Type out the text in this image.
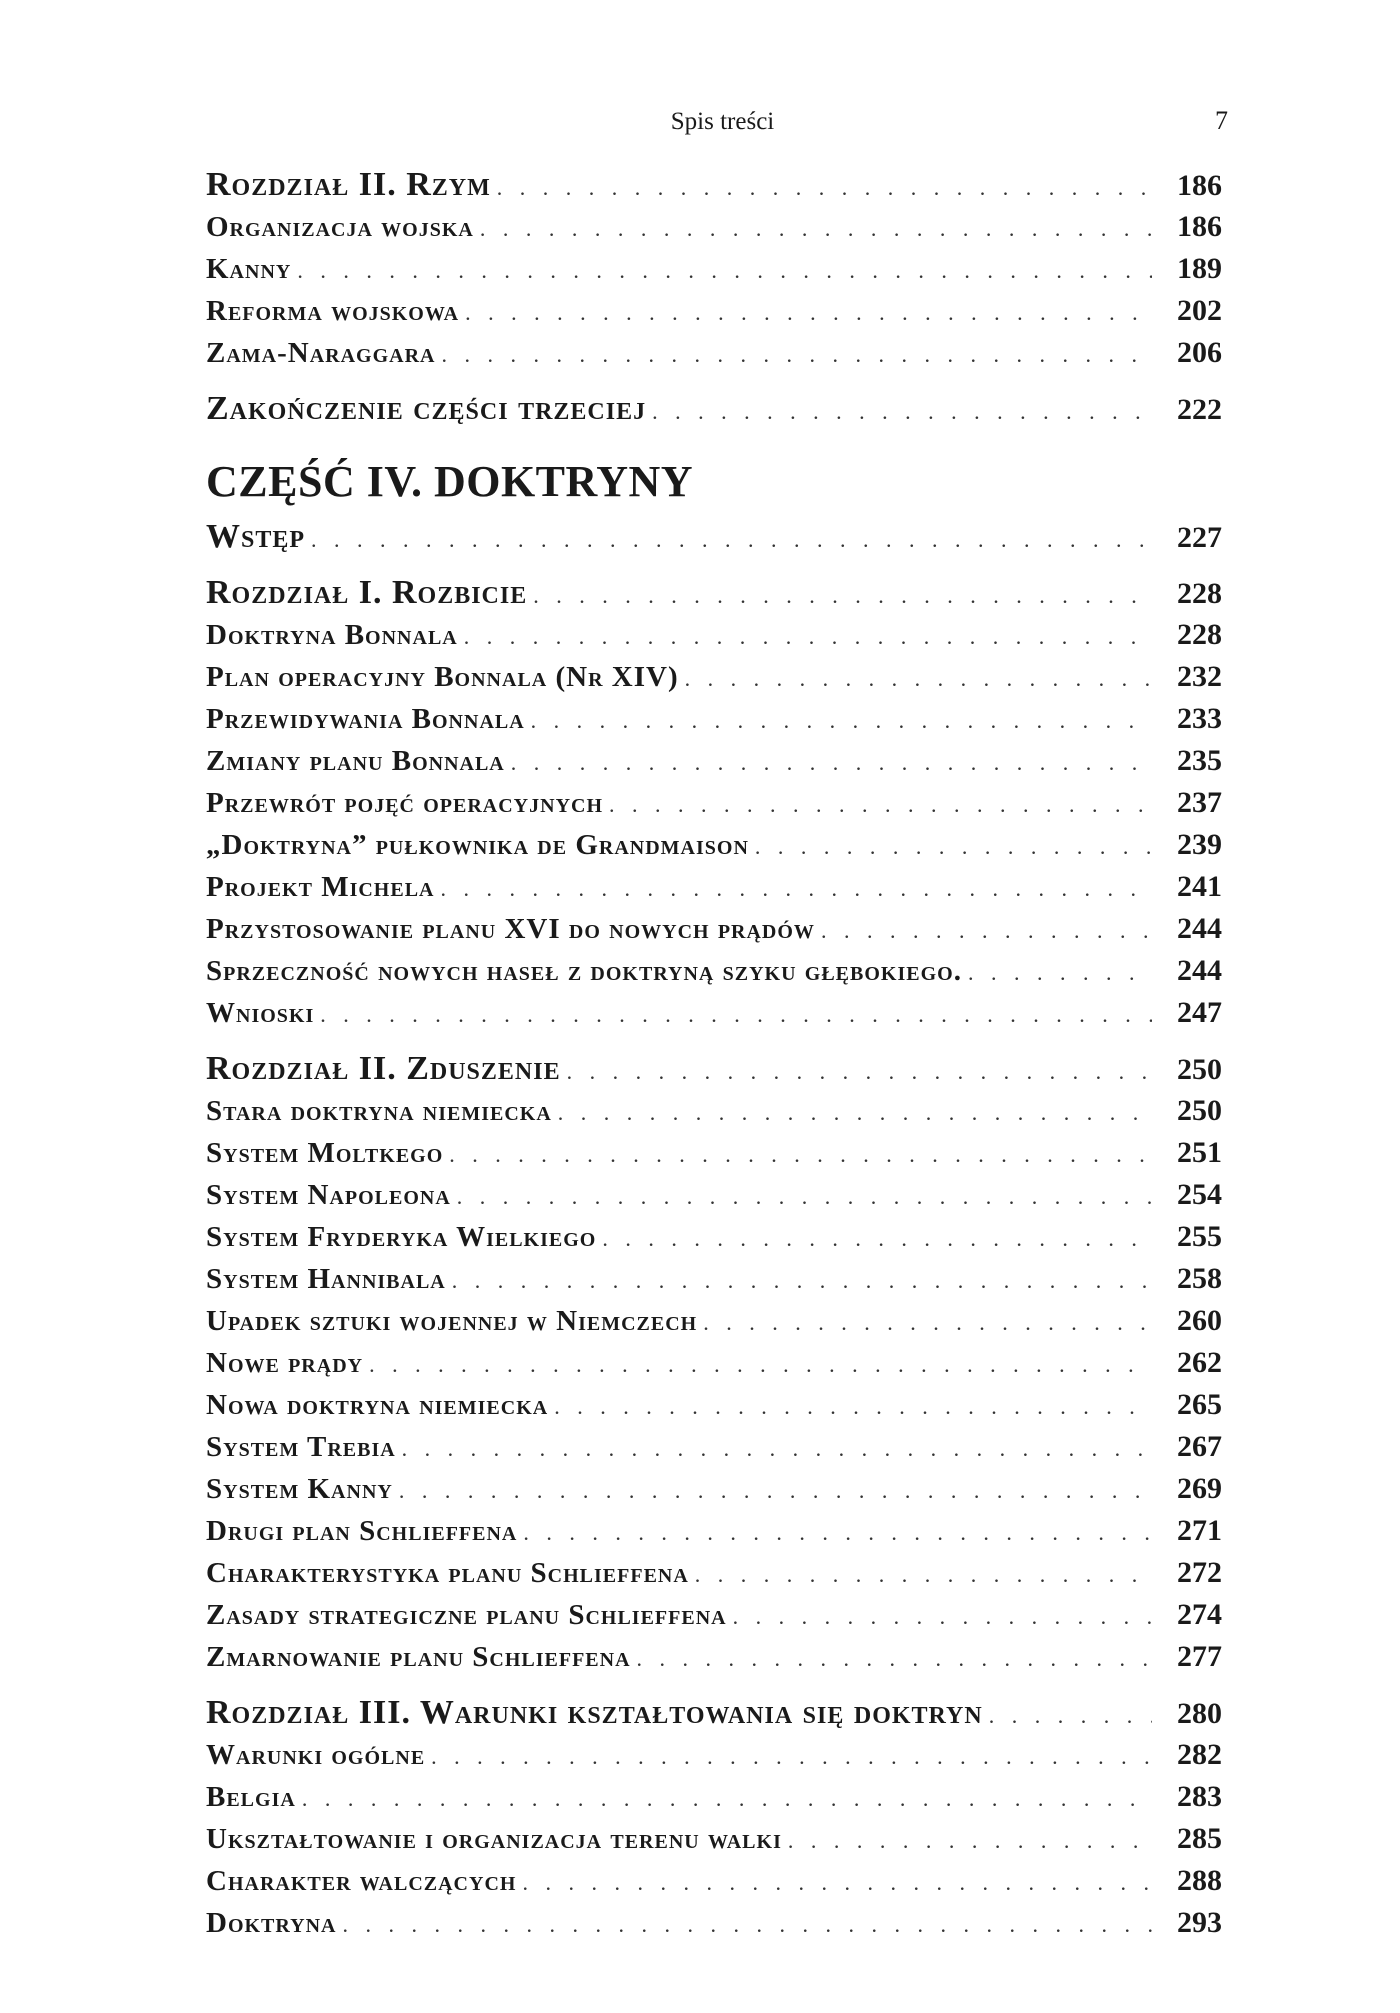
Spis treści	7
Rozdział II. Rzym . . .	186
Organizacja wojska . . .	186
Kanny . . .	189
Reforma wojskowa . . .	202
Zama-Naraggara . . .	206
Zakończenie części trzeciej . . .	222
CZĘŚĆ IV. DOKTRYNY
Wstęp . . .	227
Rozdział I. Rozbicie . . .	228
Doktryna Bonnala . . .	228
Plan operacyjny Bonnala (Nr XIV) . . .	232
Przewidywania Bonnala . . .	233
Zmiany planu Bonnala . . .	235
Przewrót pojęć operacyjnych . . .	237
„Doktryna” pułkownika de Grandmaison . . .	239
Projekt Michela . . .	241
Przystosowanie planu XVI do nowych prądów . . .	244
Sprzeczność nowych haseł z doktryną szyku głębokiego. . . .	244
Wnioski . . .	247
Rozdział II. Zduszenie . . .	250
Stara doktryna niemiecka . . .	250
System Moltkego . . .	251
System Napoleona . . .	254
System Fryderyka Wielkiego . . .	255
System Hannibala . . .	258
Upadek sztuki wojennej w Niemczech . . .	260
Nowe prądy . . .	262
Nowa doktryna niemiecka . . .	265
System Trebia . . .	267
System Kanny . . .	269
Drugi plan Schlieffena . . .	271
Charakterystyka planu Schlieffena . . .	272
Zasady strategiczne planu Schlieffena . . .	274
Zmarnowanie planu Schlieffena . . .	277
Rozdział III. Warunki kształtowania się doktryn . . .	280
Warunki ogólne . . .	282
Belgia . . .	283
Ukształtowanie i organizacja terenu walki . . .	285
Charakter walczących . . .	288
Doktryna . . .	293
